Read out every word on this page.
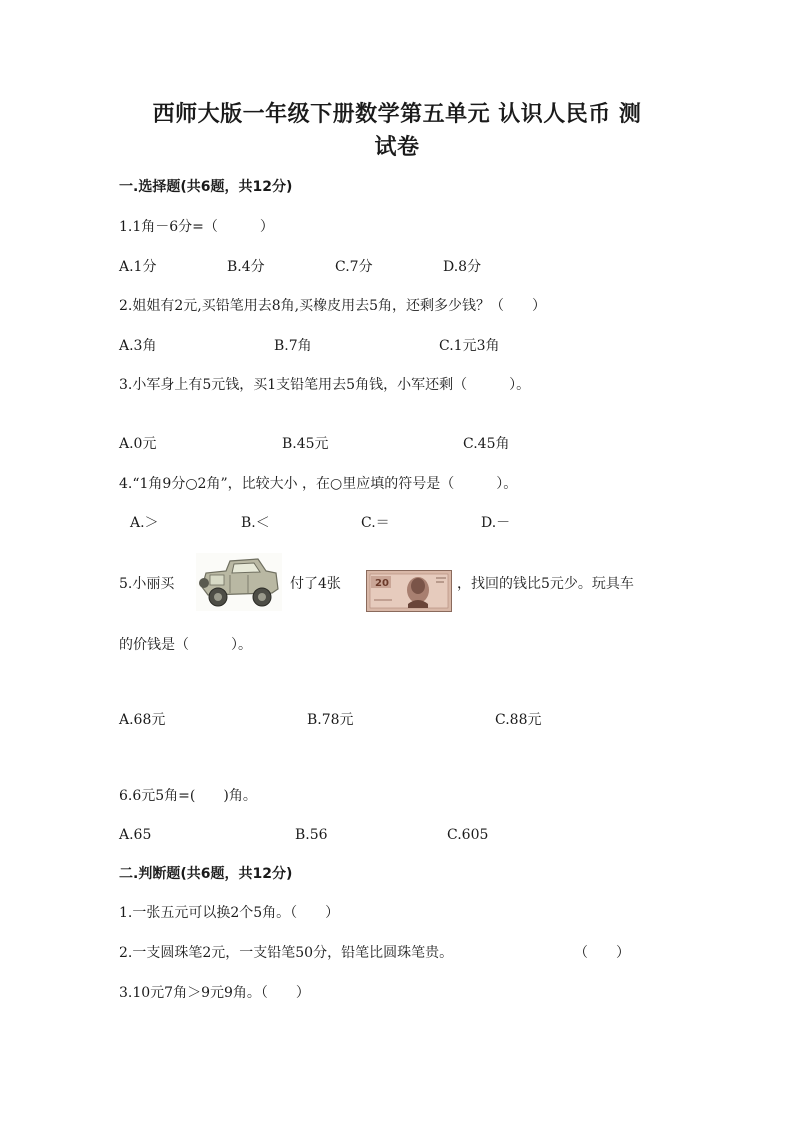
西师大版一年级下册数学第五单元 认识人民币 测
试卷
一.选择题(共6题，共12分)
1.1角－6分=（　　　）
A.1分	B.4分	C.7分	D.8分
2.姐姐有2元,买铅笔用去8角,买橡皮用去5角，还剩多少钱？（　　）
A.3角	B.7角	C.1元3角
3.小军身上有5元钱，买1支铅笔用去5角钱，小军还剩（　　　）。
A.0元	B.45元	C.45角
4.“1角9分○2角”，比较大小 ，在○里应填的符号是（　　　）。
A.＞	B.＜	C.＝	D.－
5.小丽买	付了4张	20	，找回的钱比5元少。玩具车
的价钱是（　　　）。
A.68元	B.78元	C.88元
6.6元5角=(　　)角。
A.65	B.56	C.605
二.判断题(共6题，共12分)
1.一张五元可以换2个5角。（　　）
2.一支圆珠笔2元，一支铅笔50分，铅笔比圆珠笔贵。	（　　）
3.10元7角＞9元9角。（　　）
